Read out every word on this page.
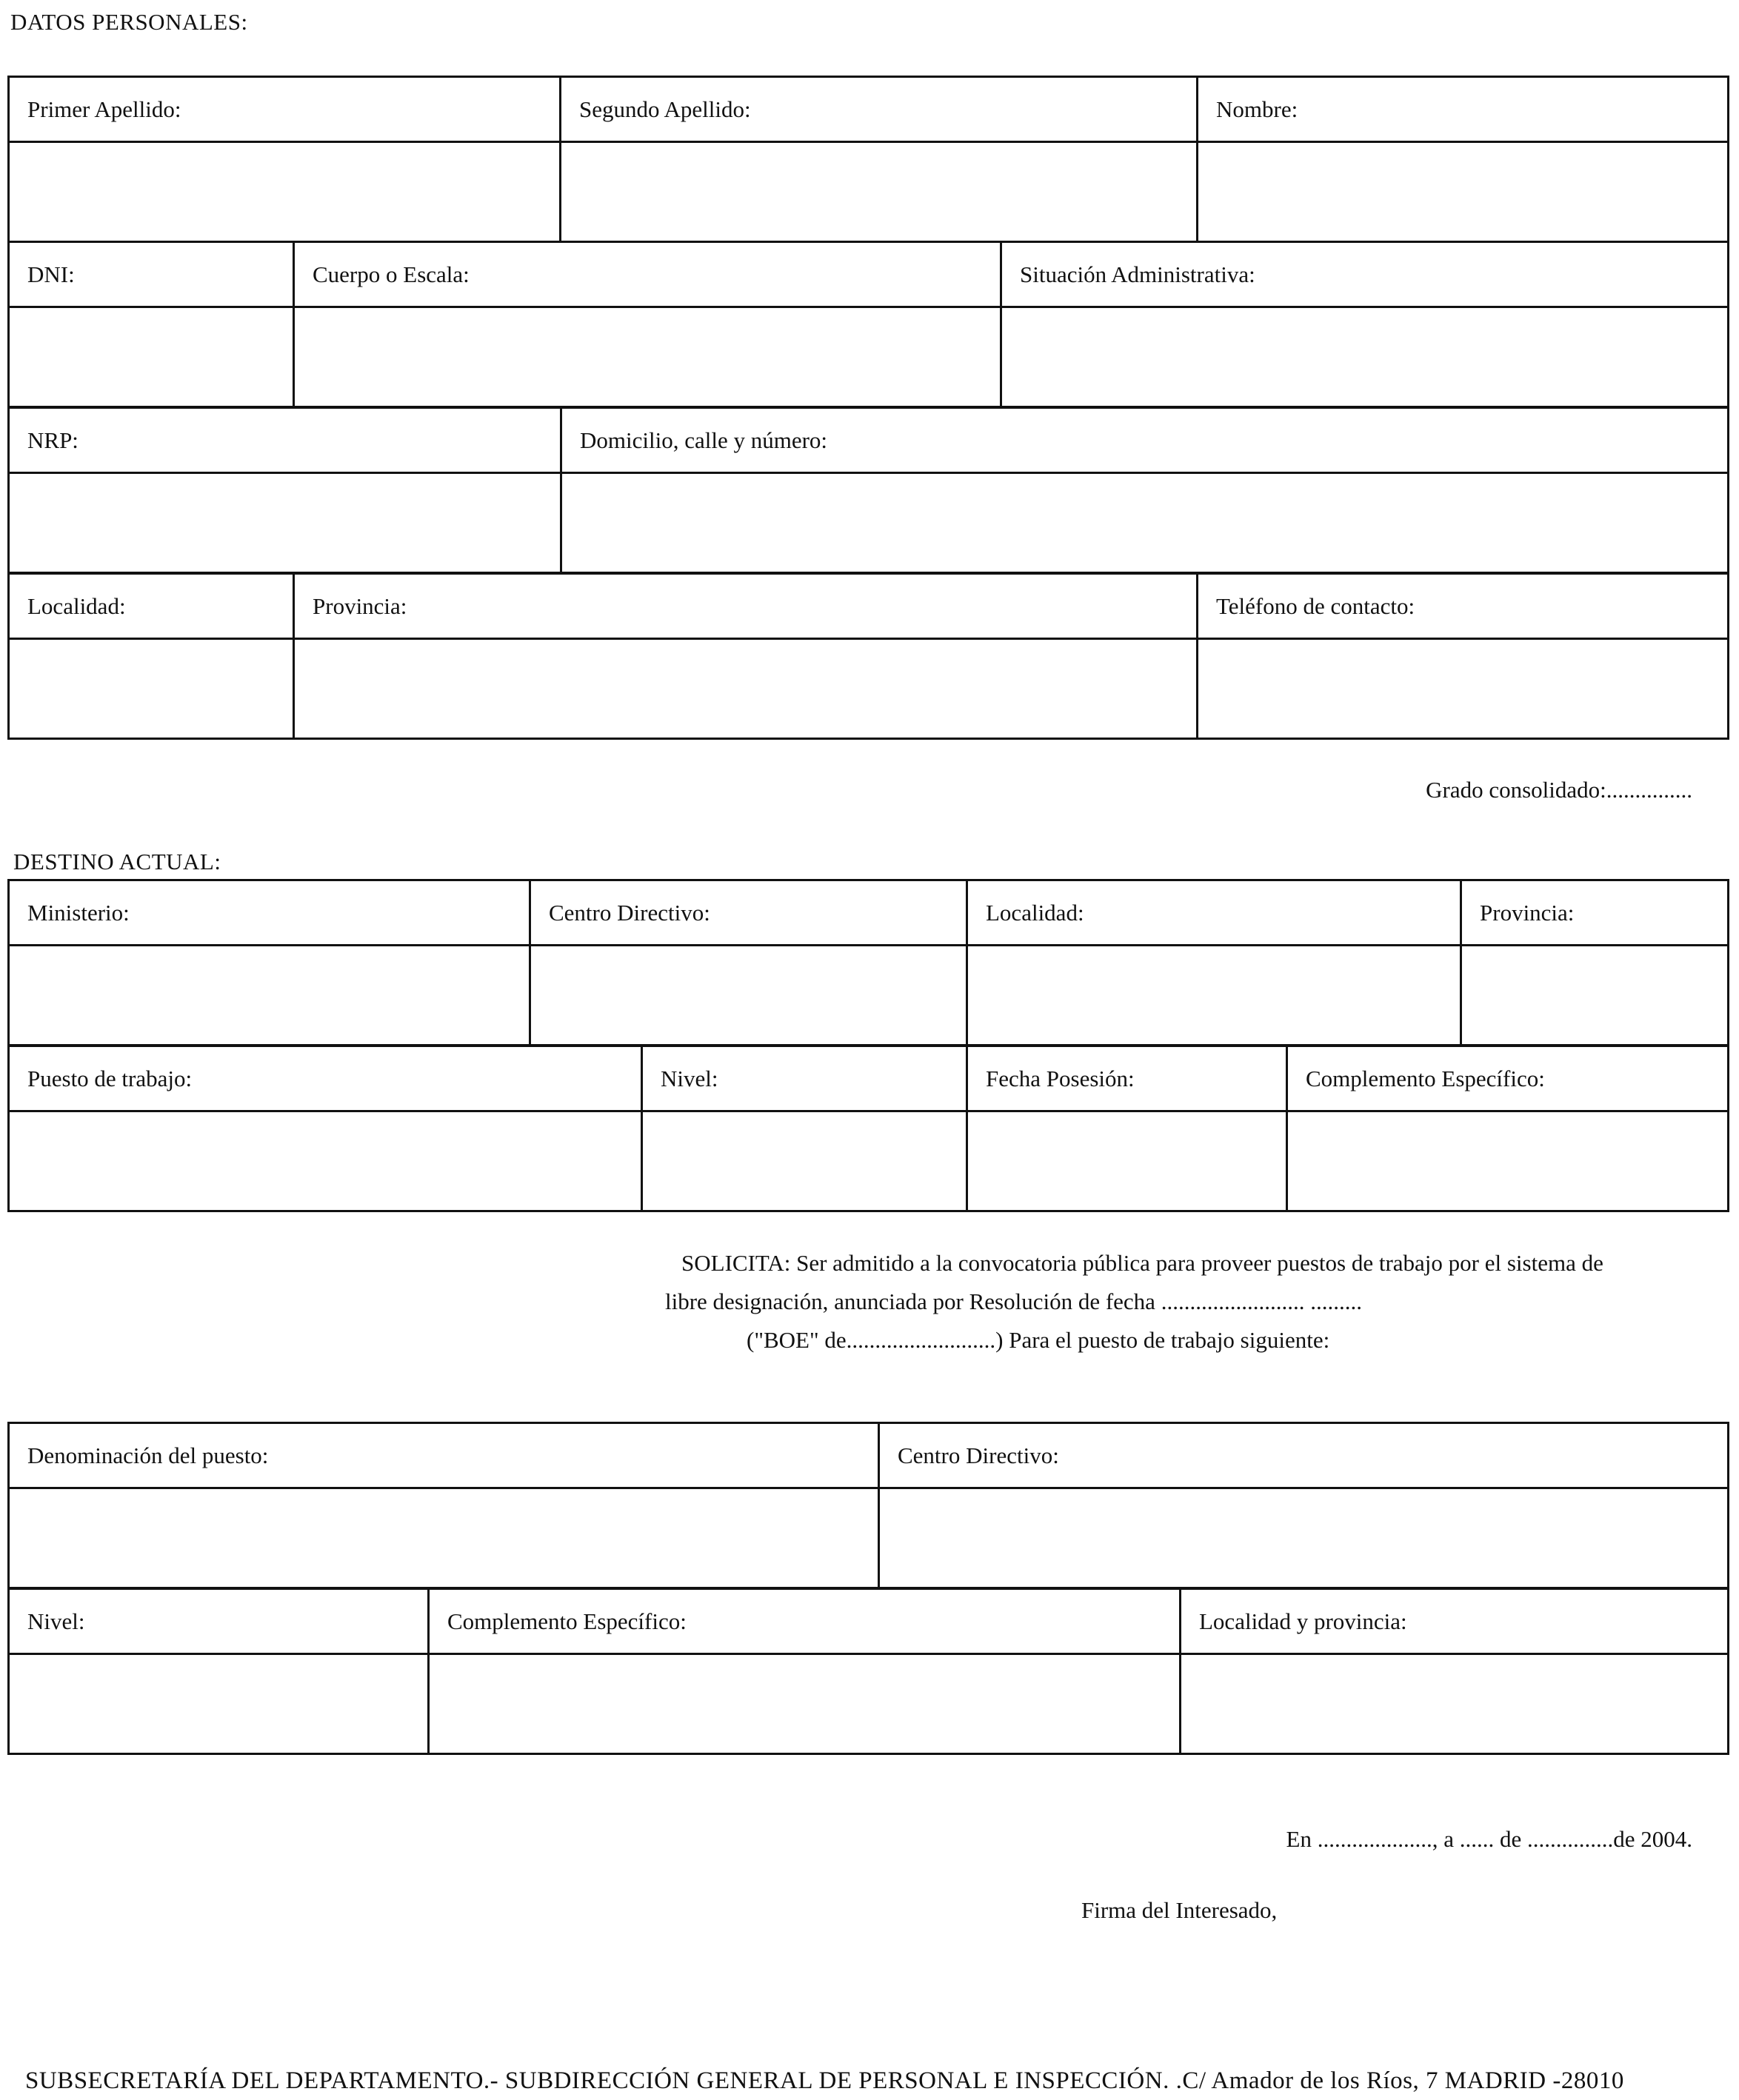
DATOS PERSONALES:
Primer Apellido:	Segundo Apellido:	Nombre:

DNI:	Cuerpo o Escala:	Situación Administrativa:

NRP:	Domicilio, calle y número:

Localidad:	Provincia:	Teléfono de contacto:

Grado consolidado:...............
DESTINO ACTUAL:
Ministerio:	Centro Directivo:	Localidad:	Provincia:

Puesto de trabajo:	Nivel:	Fecha Posesión:	Complemento Específico:

SOLICITA: Ser admitido a la convocatoria pública para proveer puestos de trabajo por el sistema de
libre designación, anunciada por Resolución de fecha ......................... .........
("BOE" de..........................) Para el puesto de trabajo siguiente:
Denominación del puesto:	Centro Directivo:

Nivel:	Complemento Específico:	Localidad y provincia:

En ...................., a ...... de ...............de 2004.
Firma del Interesado,
SUBSECRETARÍA DEL DEPARTAMENTO.- SUBDIRECCIÓN GENERAL DE PERSONAL E INSPECCIÓN. .C/ Amador de los Ríos, 7 MADRID -28010
